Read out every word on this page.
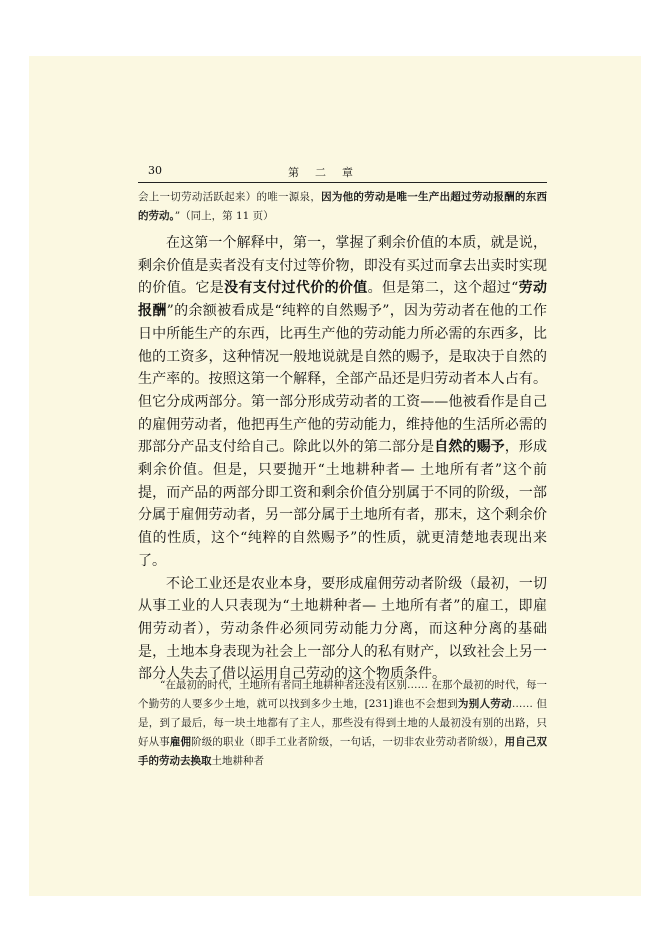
30	第二章
会上一切劳动活跃起来）的唯一源泉，因为他的劳动是唯一生产出超过劳动报酬的东西的劳动。”（同上，第 11 页）

在这第一个解释中，第一，掌握了剩余价值的本质，就是说，剩余价值是卖者没有支付过等价物，即没有买过而拿去出卖时实现的价值。它是没有支付过代价的价值。但是第二，这个超过“劳动报酬”的余额被看成是“纯粹的自然赐予”，因为劳动者在他的工作日中所能生产的东西，比再生产他的劳动能力所必需的东西多，比他的工资多，这种情况一般地说就是自然的赐予，是取决于自然的生产率的。按照这第一个解释，全部产品还是归劳动者本人占有。但它分成两部分。第一部分形成劳动者的工资——他被看作是自己的雇佣劳动者，他把再生产他的劳动能力，维持他的生活所必需的那部分产品支付给自己。除此以外的第二部分是自然的赐予，形成剩余价值。但是，只要抛开“土地耕种者— 土地所有者”这个前提，而产品的两部分即工资和剩余价值分别属于不同的阶级，一部分属于雇佣劳动者，另一部分属于土地所有者，那末，这个剩余价值的性质，这个“纯粹的自然赐予”的性质，就更清楚地表现出来了。

不论工业还是农业本身，要形成雇佣劳动者阶级（最初，一切从事工业的人只表现为“土地耕种者— 土地所有者”的雇工，即雇佣劳动者），劳动条件必须同劳动能力分离，而这种分离的基础是，土地本身表现为社会上一部分人的私有财产，以致社会上另一部分人失去了借以运用自己劳动的这个物质条件。

“在最初的时代，土地所有者同土地耕种者还没有区别…… 在那个最初的时代，每一个勤劳的人要多少土地，就可以找到多少土地，[231]谁也不会想到为别人劳动…… 但是，到了最后，每一块土地都有了主人，那些没有得到土地的人最初没有别的出路，只好从事雇佣阶级的职业（即手工业者阶级，一句话，一切非农业劳动者阶级），用自己双手的劳动去换取土地耕种者
